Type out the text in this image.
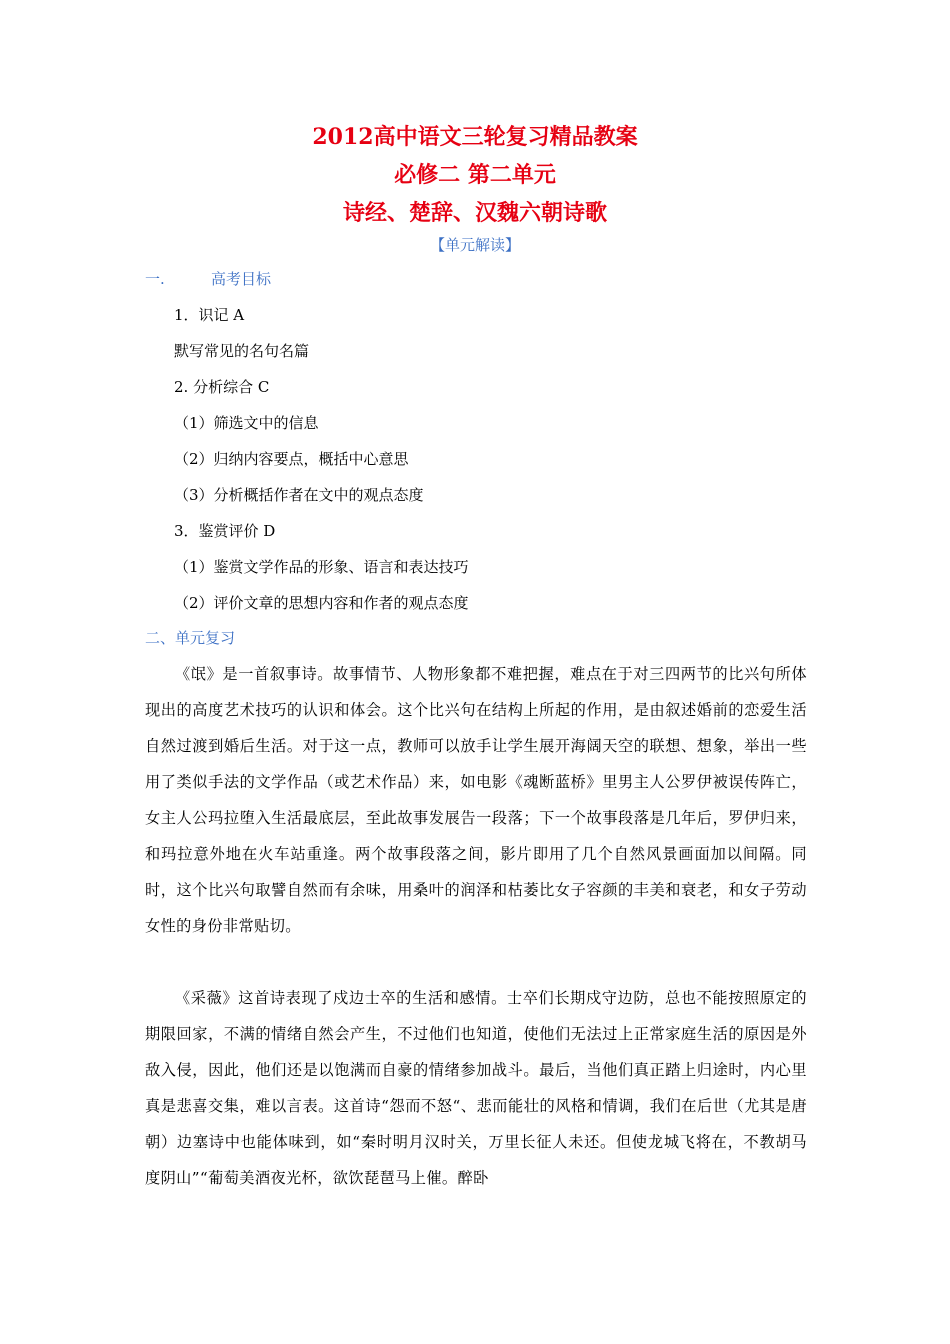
2012高中语文三轮复习精品教案
必修二 第二单元
诗经、楚辞、汉魏六朝诗歌
【单元解读】
一.	高考目标
1．识记 A
默写常见的名句名篇
2. 分析综合 C
（1）筛选文中的信息
（2）归纳内容要点，概括中心意思
（3）分析概括作者在文中的观点态度
3．鉴赏评价 D
（1）鉴赏文学作品的形象、语言和表达技巧
（2）评价文章的思想内容和作者的观点态度
二、单元复习

《氓》是一首叙事诗。故事情节、人物形象都不难把握，难点在于对三四两节的比兴句所体现出的高度艺术技巧的认识和体会。这个比兴句在结构上所起的作用，是由叙述婚前的恋爱生活自然过渡到婚后生活。对于这一点，教师可以放手让学生展开海阔天空的联想、想象，举出一些用了类似手法的文学作品（或艺术作品）来，如电影《魂断蓝桥》里男主人公罗伊被误传阵亡，女主人公玛拉堕入生活最底层，至此故事发展告一段落；下一个故事段落是几年后，罗伊归来，和玛拉意外地在火车站重逢。两个故事段落之间，影片即用了几个自然风景画面加以间隔。同时，这个比兴句取譬自然而有余味，用桑叶的润泽和枯萎比女子容颜的丰美和衰老，和女子劳动女性的身份非常贴切。

《采薇》这首诗表现了戍边士卒的生活和感情。士卒们长期戍守边防，总也不能按照原定的期限回家，不满的情绪自然会产生，不过他们也知道，使他们无法过上正常家庭生活的原因是外敌入侵，因此，他们还是以饱满而自豪的情绪参加战斗。最后，当他们真正踏上归途时，内心里真是悲喜交集，难以言表。这首诗“怨而不怒“、悲而能壮的风格和情调，我们在后世（尤其是唐朝）边塞诗中也能体味到，如“秦时明月汉时关，万里长征人未还。但使龙城飞将在，不教胡马度阴山”“葡萄美酒夜光杯，欲饮琵琶马上催。醉卧
